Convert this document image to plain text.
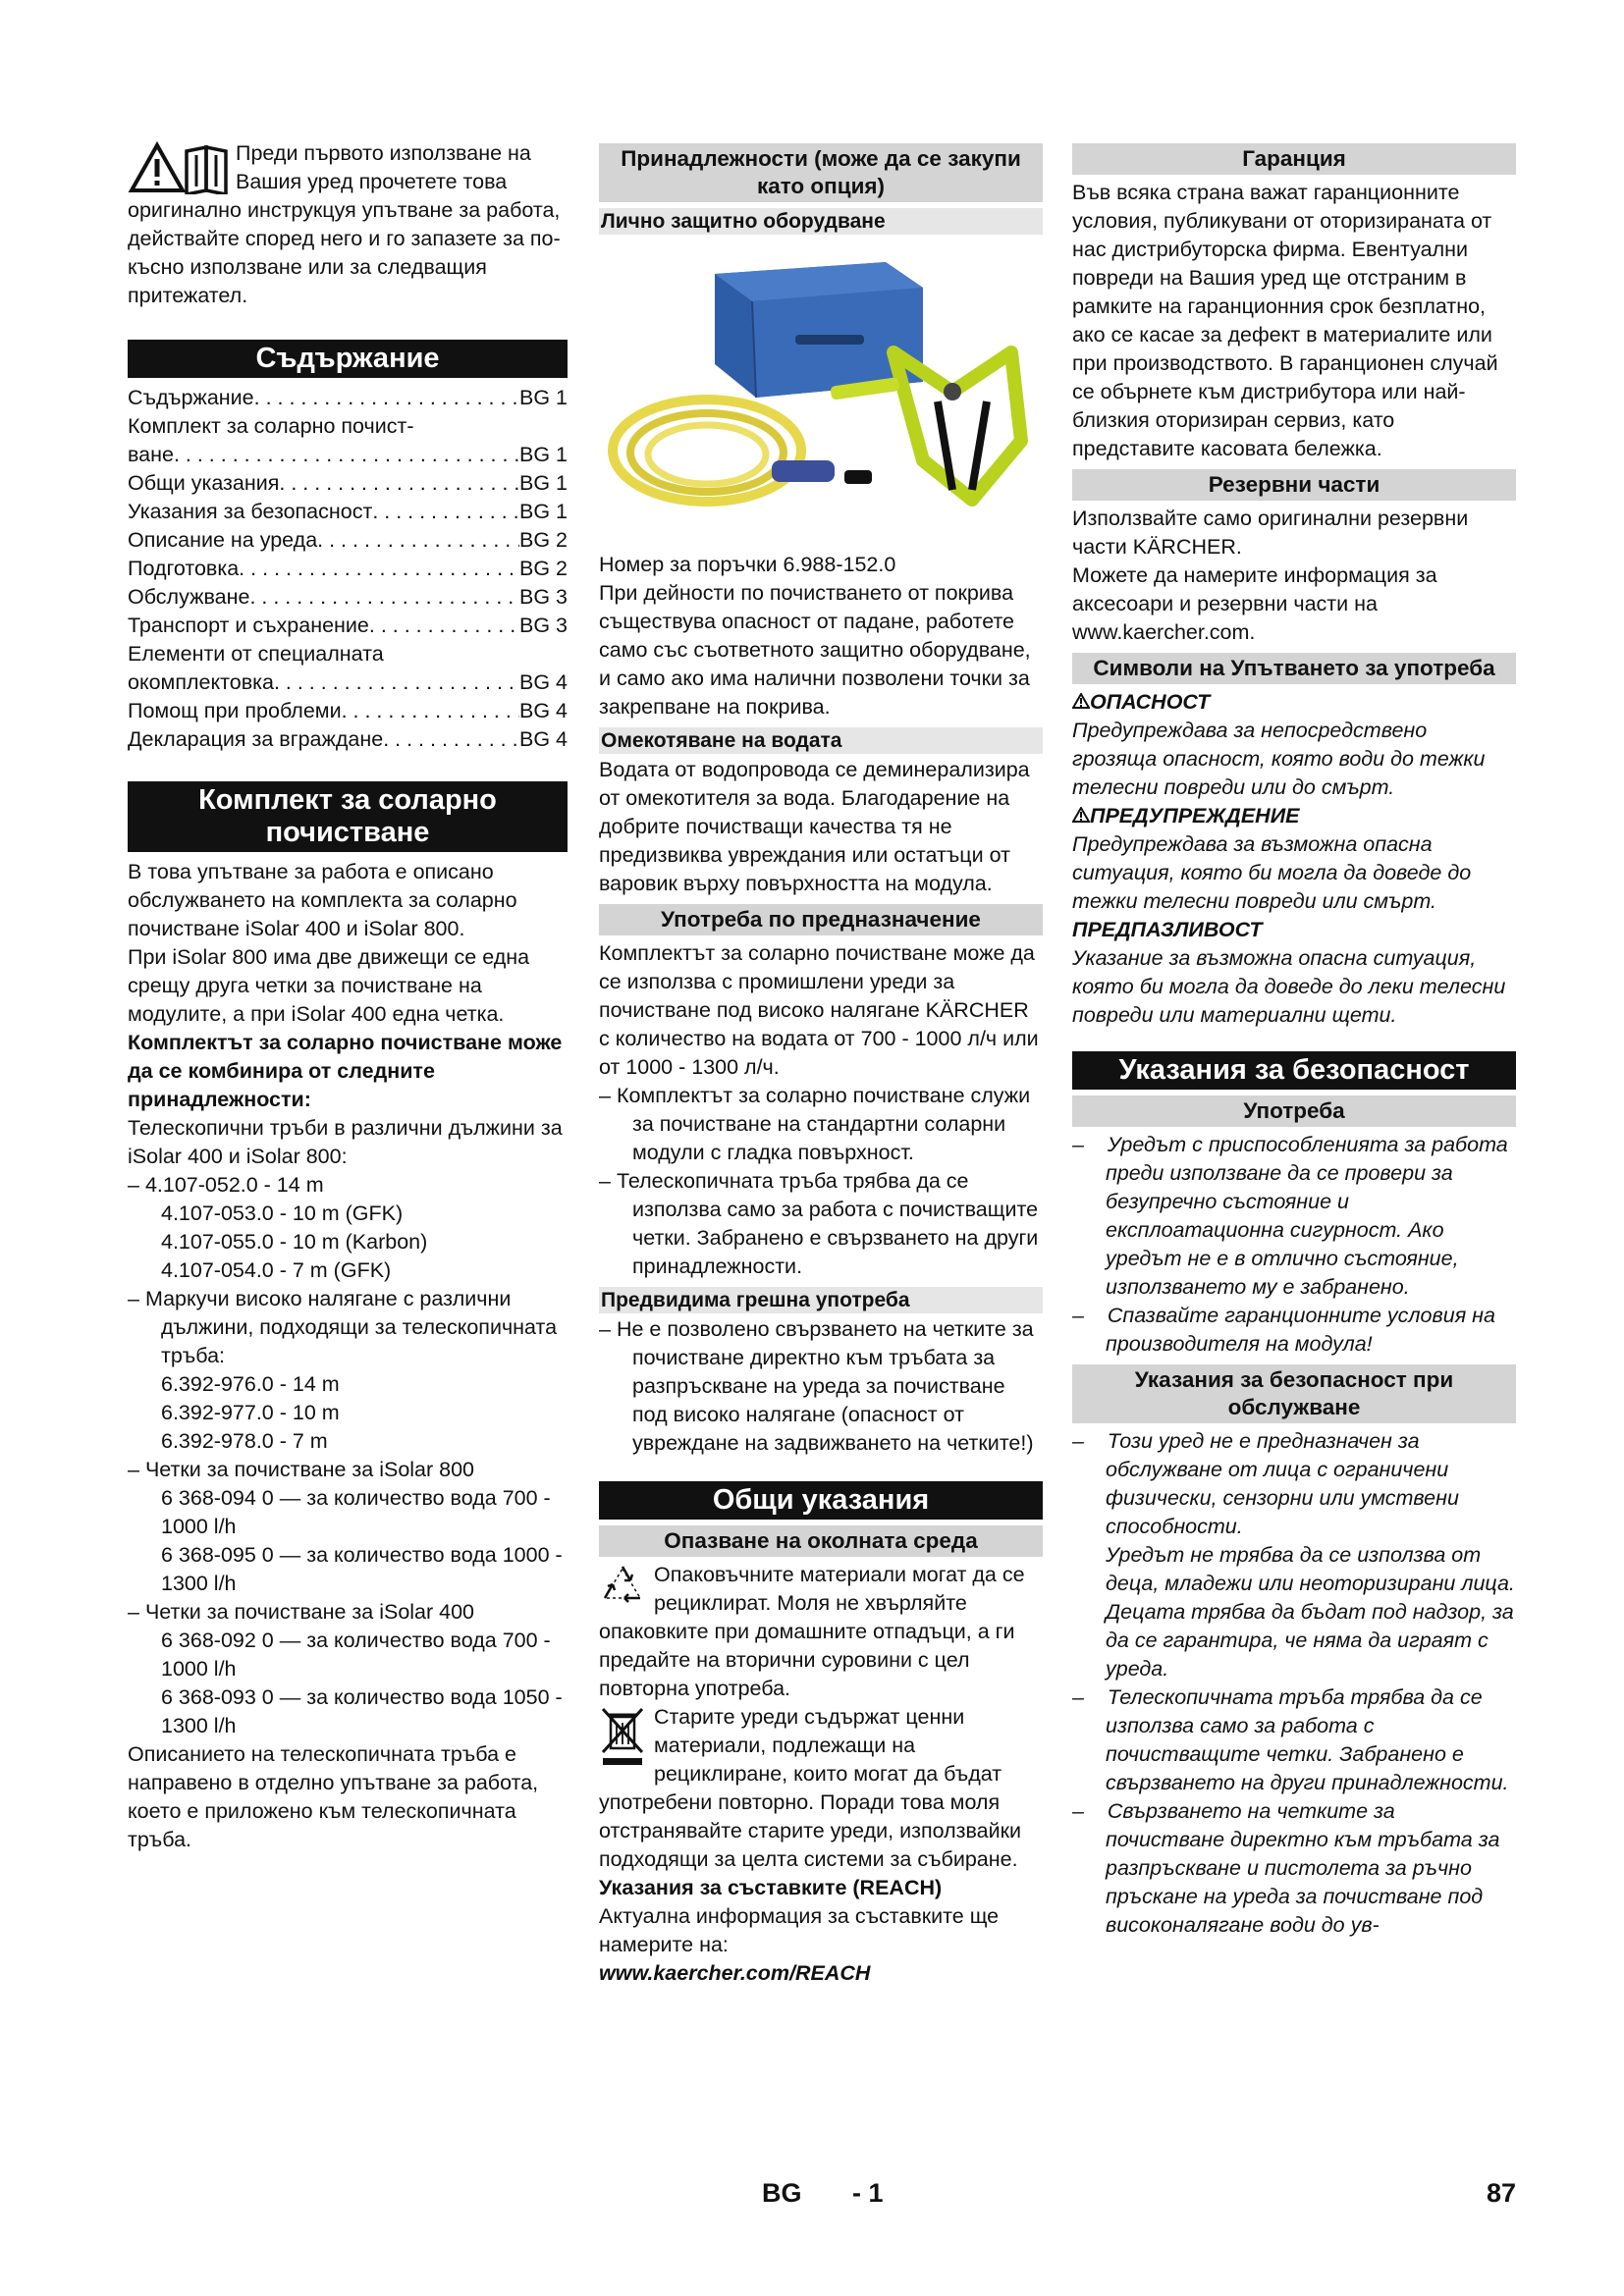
Преди първото използване на

Вашия уред прочетете това

оригинално инструкцуя упътване за работа, действайте според него и го запазете за по-късно използване или за следващия притежател.

Съдържание
Съдържание . . .	BG 1
Комплект за соларно почист-
ване . . .	BG 1
Общи указания . . .	BG 1
Указания за безопасност . . .	BG 1
Описание на уреда . . .	BG 2
Подготовка . . .	BG 2
Обслужване . . .	BG 3
Транспорт и съхранение . . .	BG 3
Елементи от специалната
окомплектовка . . .	BG 4
Помощ при проблеми . . .	BG 4
Декларация за вграждане . . .	BG 4
Комплект за соларно почистване

В това упътване за работа е описано обслужването на комплекта за соларно почистване iSolar 400 и iSolar 800.

При iSolar 800 има две движещи се една срещу друга четки за почистване на модулите, а при iSolar 400 една четка.

Комплектът за соларно почистване може да се комбинира от следните принадлежности:

Телескопични тръби в различни дължини за iSolar 400 и iSolar 800:

– 4.107-052.0 - 14 m

4.107-053.0 - 10 m (GFK)

4.107-055.0 - 10 m (Karbon)

4.107-054.0 - 7 m (GFK)

– Маркучи високо налягане с различни дължини, подходящи за телескопичната тръба:

6.392-976.0 - 14 m

6.392-977.0 - 10 m

6.392-978.0 - 7 m

– Четки за почистване за iSolar 800

6 368-094 0 — за количество вода 700 - 1000 l/h

6 368-095 0 — за количество вода 1000 - 1300 l/h

– Четки за почистване за iSolar 400

6 368-092 0 — за количество вода 700 - 1000 l/h

6 368-093 0 — за количество вода 1050 - 1300 l/h

Описанието на телескопичната тръба е направено в отделно упътване за работа, което е приложено към телескопичната тръба.

Принадлежности (може да се закупи като опция)
Лично защитно оборудване

Номер за поръчки 6.988-152.0

При дейности по почистването от покрива съществува опасност от падане, работете само със съответното защитно оборудване, и само ако има налични позволени точки за закрепване на покрива.

Омекотяване на водата

Водата от водопровода се деминерализира от омекотителя за вода. Благодарение на добрите почистващи качества тя не предизвиква увреждания или остатъци от варовик върху повърхността на модула.

Употреба по предназначение

Комплектът за соларно почистване може да се използва с промишлени уреди за почистване под високо налягане KÄRCHER с количество на водата от 700 - 1000 л/ч или от 1000 - 1300 л/ч.

– Комплектът за соларно почистване служи за почистване на стандартни соларни модули с гладка повърхност.

– Телескопичната тръба трябва да се използва само за работа с почистващите четки. Забранено е свързването на други принадлежности.

Предвидима грешна употреба

– Не е позволено свързването на четките за почистване директно към тръбата за разпръскване на уреда за почистване под високо налягане (опасност от увреждане на задвижването на четките!)

Общи указания
Опазване на околната среда

Опаковъчните материали могат да се рециклират. Моля не хвърляйте опаковките при домашните отпадъци, а ги предайте на вторични суровини с цел повторна употреба.

Старите уреди съдържат ценни материали, подлежащи на рециклиране, които могат да бъдат употребени повторно. Поради това моля отстранявайте старите уреди, използвайки подходящи за целта системи за събиране.

Указания за съставките (REACH)

Актуална информация за съставките ще намерите на:

www.kaercher.com/REACH

Гаранция

Във всяка страна важат гаранционните условия, публикувани от оторизираната от нас дистрибуторска фирма. Евентуални повреди на Вашия уред ще отстраним в рамките на гаранционния срок безплатно, ако се касае за дефект в материалите или при производството. В гаранционен случай се обърнете към дистрибутора или най-близкия оторизиран сервиз, като представите касовата бележка.

Резервни части

Използвайте само оригинални резервни части KÄRCHER.

Можете да намерите информация за аксесоари и резервни части на www.kaercher.com.

Символи на Упътването за употреба

ОПАСНОСТ

Предупреждава за непосредствено грозяща опасност, която води до тежки телесни повреди или до смърт.

ПРЕДУПРЕЖДЕНИЕ

Предупреждава за възможна опасна ситуация, която би могла да доведе до тежки телесни повреди или смърт.

ПРЕДПАЗЛИВОСТ

Указание за възможна опасна ситуация, която би могла да доведе до леки телесни повреди или материални щети.

Указания за безопасност
Употреба

–    Уредът с приспособленията за работа преди използване да се провери за безупречно състояние и експлоатационна сигурност. Ако уредът не е в отлично състояние, използването му е забранено.

–    Спазвайте гаранционните условия на производителя на модула!

Указания за безопасност при обслужване

–    Този уред не е предназначен за обслужване от лица с ограничени физически, сензорни или умствени способности.

Уредът не трябва да се използва от деца, младежи или неоторизирани лица.

Децата трябва да бъдат под надзор, за да се гарантира, че няма да играят с уреда.

–    Телескопичната тръба трябва да се използва само за работа с почистващите четки. Забранено е свързването на други принадлежности.

–    Свързването на четките за почистване директно към тръбата за разпръскване и пистолета за ръчно пръскане на уреда за почистване под високоналягане води до ув-

BG - 1	87
